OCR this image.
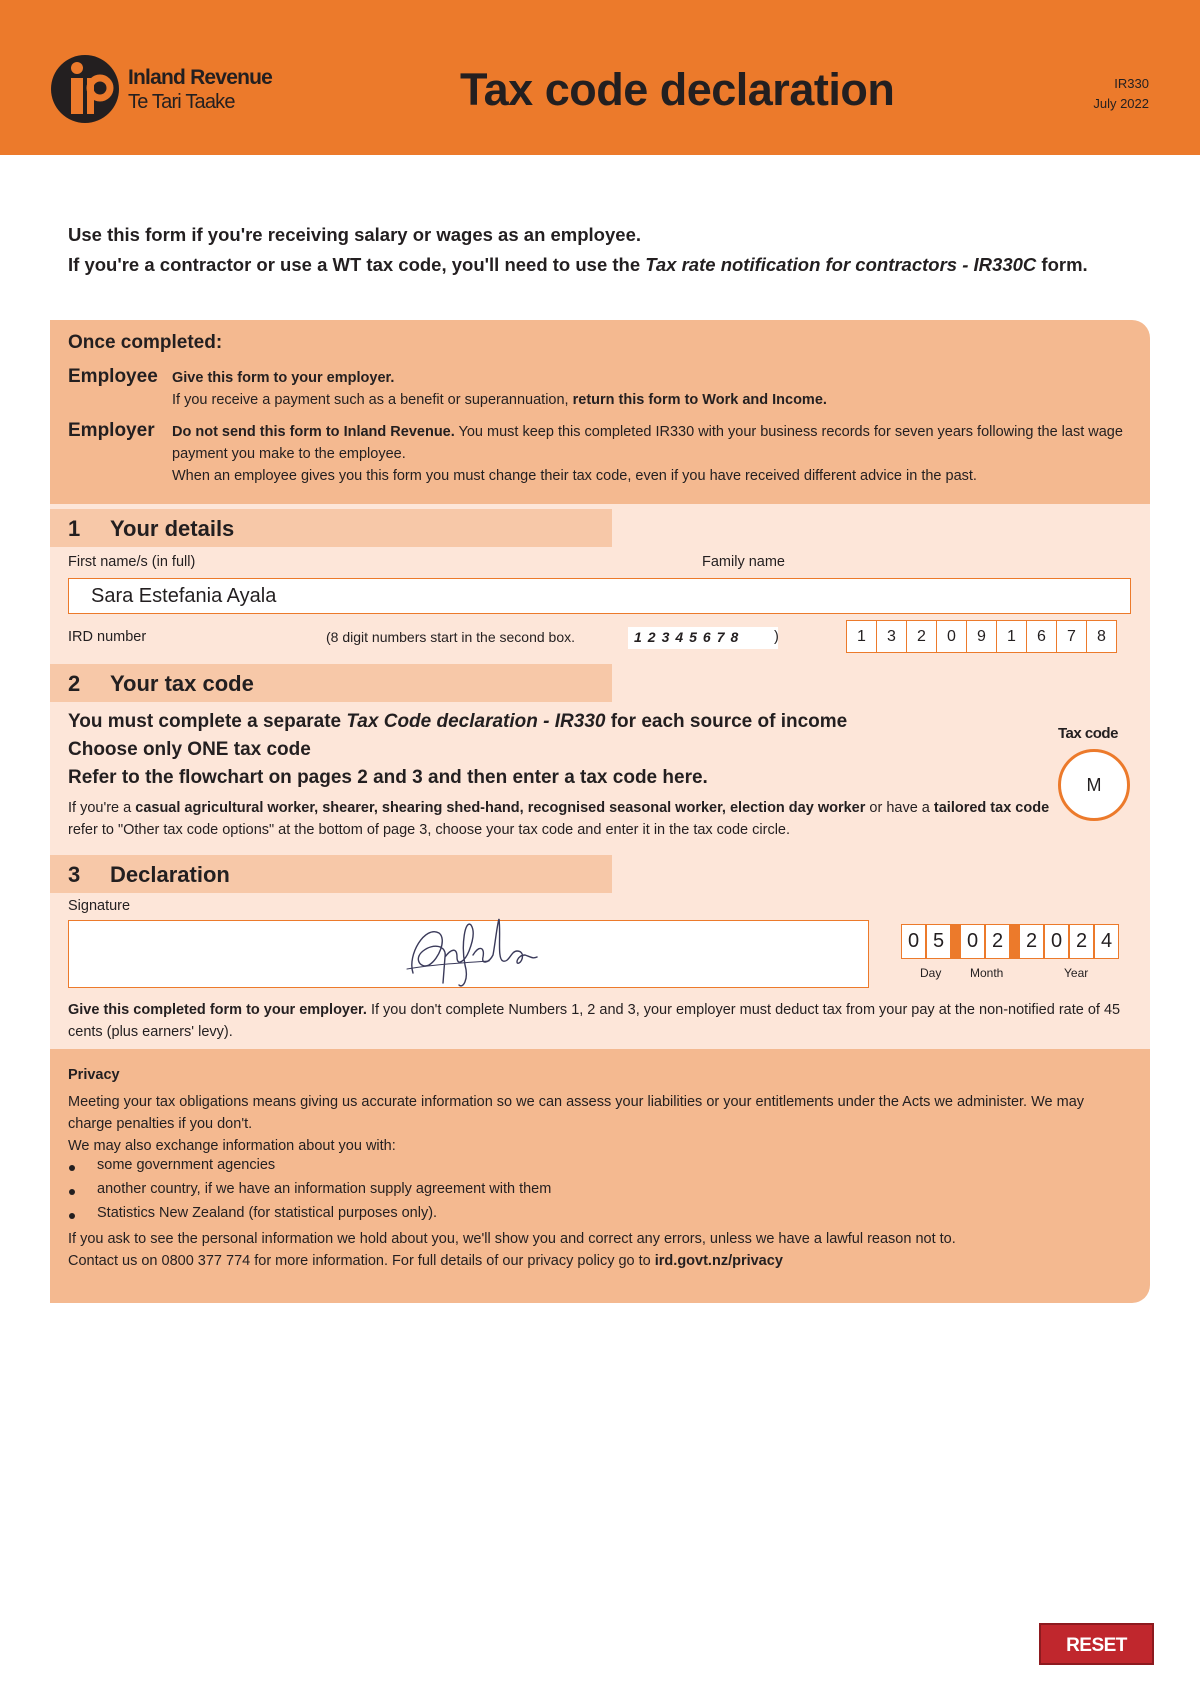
Inland Revenue
Te Tari Taake	Tax code declaration	IR330
July 2022
Use this form if you're receiving salary or wages as an employee.
If you're a contractor or use a WT tax code, you'll need to use the Tax rate notification for contractors - IR330C form.
Once completed:
Employee Give this form to your employer.
If you receive a payment such as a benefit or superannuation, return this form to Work and Income.
Employer Do not send this form to Inland Revenue. You must keep this completed IR330 with your business records for seven years following the last wage payment you make to the employee.
When an employee gives you this form you must change their tax code, even if you have received different advice in the past.
1 Your details
First name/s (in full)	Family name
Sara Estefania Ayala
IRD number	(8 digit numbers start in the second box.	12345678	)	1	3	2	0	9	1	6	7	8
2 Your tax code
You must complete a separate Tax Code declaration - IR330 for each source of income
Choose only ONE tax code
Refer to the flowchart on pages 2 and 3 and then enter a tax code here.
If you're a casual agricultural worker, shearer, shearing shed-hand, recognised seasonal worker, election day worker or have a tailored tax code refer to "Other tax code options" at the bottom of page 3, choose your tax code and enter it in the tax code circle.
Tax code
M
3 Declaration
Signature
0 5	0 2	2 0 2 4
Day Month	Year
Give this completed form to your employer. If you don't complete Numbers 1, 2 and 3, your employer must deduct tax from your pay at the non-notified rate of 45 cents (plus earners' levy).
Privacy
Meeting your tax obligations means giving us accurate information so we can assess your liabilities or your entitlements under the Acts we administer. We may charge penalties if you don't.
We may also exchange information about you with:
some government agencies
another country, if we have an information supply agreement with them
Statistics New Zealand (for statistical purposes only).
If you ask to see the personal information we hold about you, we'll show you and correct any errors, unless we have a lawful reason not to.
Contact us on 0800 377 774 for more information. For full details of our privacy policy go to ird.govt.nz/privacy
RESET FORM
